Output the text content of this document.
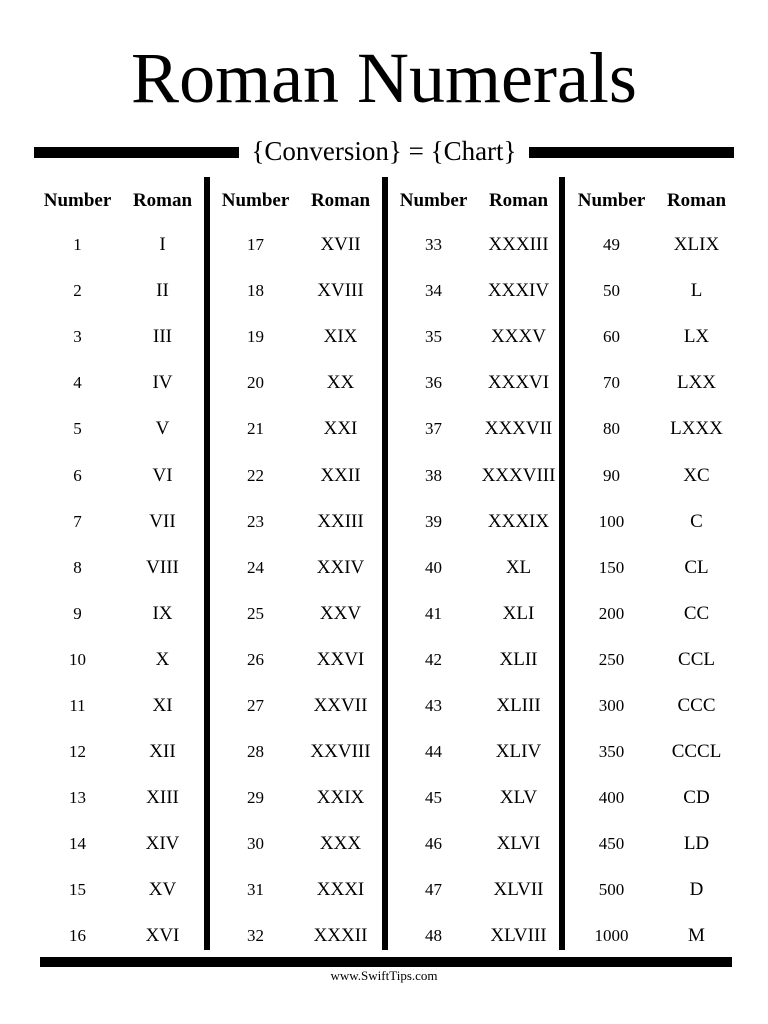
Roman Numerals
{Conversion} = {Chart}
Number	Roman
1	I
2	II
3	III
4	IV
5	V
6	VI
7	VII
8	VIII
9	IX
10	X
11	XI
12	XII
13	XIII
14	XIV
15	XV
16	XVI
Number	Roman
17	XVII
18	XVIII
19	XIX
20	XX
21	XXI
22	XXII
23	XXIII
24	XXIV
25	XXV
26	XXVI
27	XXVII
28	XXVIII
29	XXIX
30	XXX
31	XXXI
32	XXXII
Number	Roman
33	XXXIII
34	XXXIV
35	XXXV
36	XXXVI
37	XXXVII
38	XXXVIII
39	XXXIX
40	XL
41	XLI
42	XLII
43	XLIII
44	XLIV
45	XLV
46	XLVI
47	XLVII
48	XLVIII
Number	Roman
49	XLIX
50	L
60	LX
70	LXX
80	LXXX
90	XC
100	C
150	CL
200	CC
250	CCL
300	CCC
350	CCCL
400	CD
450	LD
500	D
1000	M
www.SwiftTips.com
